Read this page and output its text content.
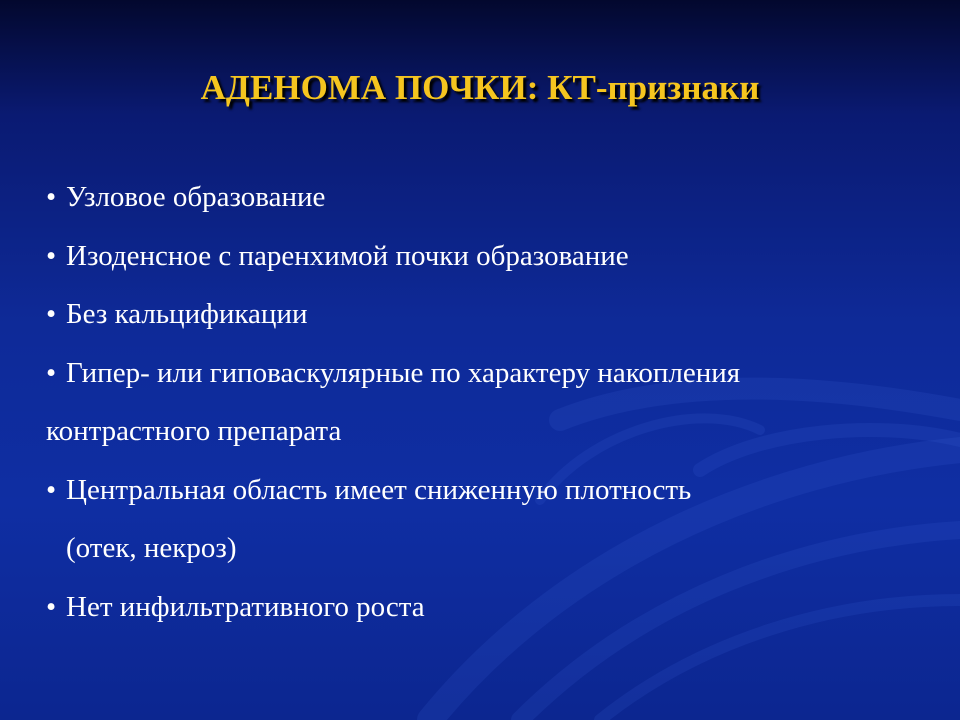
АДЕНОМА ПОЧКИ: КТ-признаки
• Узловое образование
• Изоденсное с паренхимой почки образование
• Без кальцификации
• Гипер- или гиповаскулярные по характеру накопления
контрастного препарата
• Центральная область имеет сниженную плотность
(отек, некроз)
• Нет инфильтративного роста
